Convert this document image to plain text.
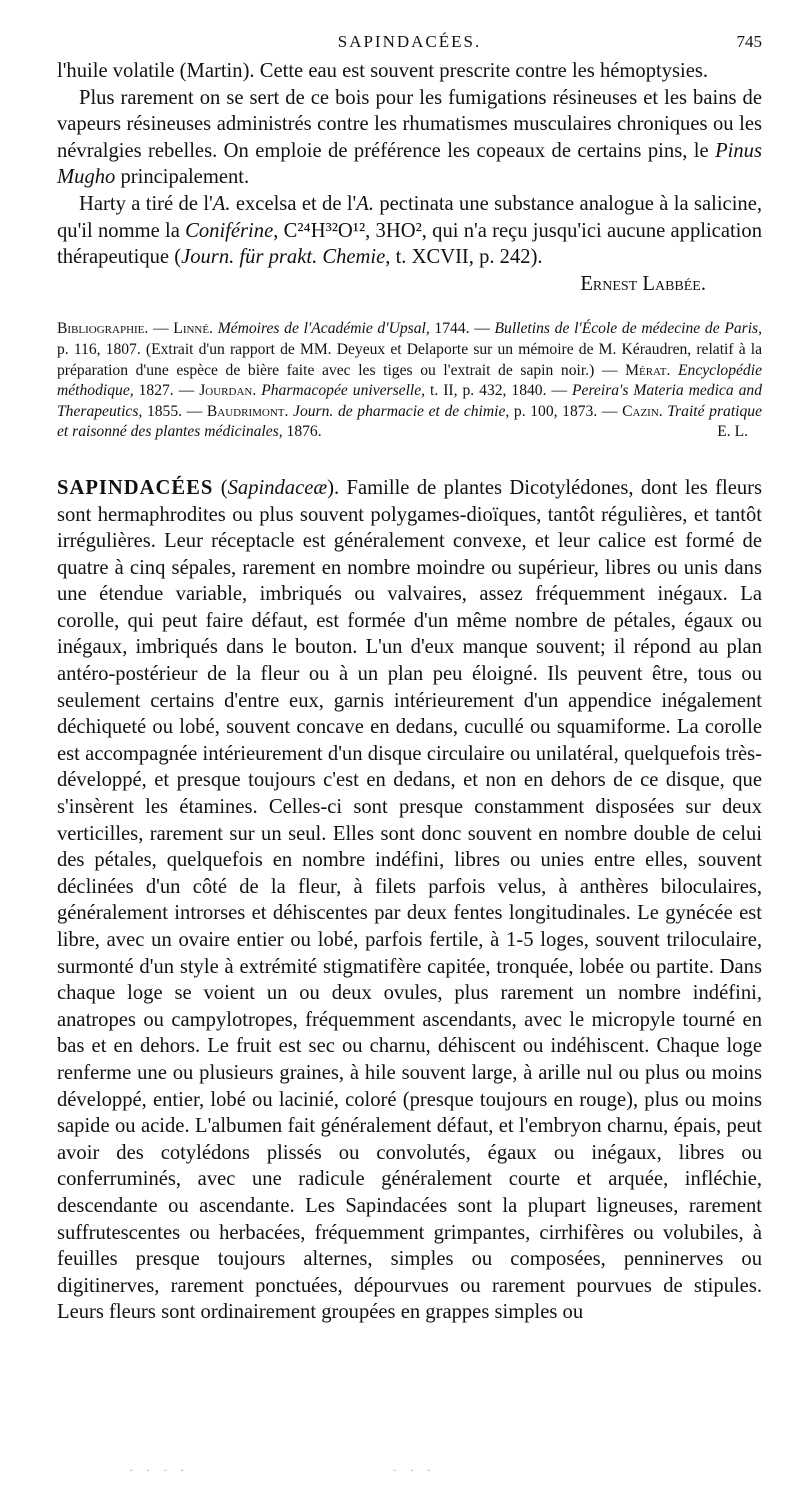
SAPINDACÉES.	745

l'huile volatile (Martin). Cette eau est souvent prescrite contre les hémoptysies.

Plus rarement on se sert de ce bois pour les fumigations résineuses et les bains de vapeurs résineuses administrés contre les rhumatismes musculaires chroniques ou les névralgies rebelles. On emploie de préférence les copeaux de certains pins, le Pinus Mugho principalement.

Harty a tiré de l'A. excelsa et de l'A. pectinata une substance analogue à la salicine, qu'il nomme la Coniférine, C²⁴H³²O¹², 3HO², qui n'a reçu jusqu'ici aucune application thérapeutique (Journ. für prakt. Chemie, t. XCVII, p. 242).

Ernest Labbée.

Bibliographie. — Linné. Mémoires de l'Académie d'Upsal, 1744. — Bulletins de l'École de médecine de Paris, p. 116, 1807. (Extrait d'un rapport de MM. Deyeux et Delaporte sur un mémoire de M. Kéraudren, relatif à la préparation d'une espèce de bière faite avec les tiges ou l'extrait de sapin noir.) — Mérat. Encyclopédie méthodique, 1827. — Jourdan. Pharmacopée universelle, t. II, p. 432, 1840. — Pereira's Materia medica and Therapeutics, 1855. — Baudrimont. Journ. de pharmacie et de chimie, p. 100, 1873. — Cazin. Traité pratique et raisonné des plantes médicinales, 1876.	E. L.

SAPINDACÉES (Sapindaceæ). Famille de plantes Dicotylédones, dont les fleurs sont hermaphrodites ou plus souvent polygames-dioïques, tantôt régulières, et tantôt irrégulières. Leur réceptacle est généralement convexe, et leur calice est formé de quatre à cinq sépales, rarement en nombre moindre ou supérieur, libres ou unis dans une étendue variable, imbriqués ou valvaires, assez fréquemment inégaux. La corolle, qui peut faire défaut, est formée d'un même nombre de pétales, égaux ou inégaux, imbriqués dans le bouton. L'un d'eux manque souvent; il répond au plan antéro-postérieur de la fleur ou à un plan peu éloigné. Ils peuvent être, tous ou seulement certains d'entre eux, garnis intérieurement d'un appendice inégalement déchiqueté ou lobé, souvent concave en dedans, cucullé ou squamiforme. La corolle est accompagnée intérieurement d'un disque circulaire ou unilatéral, quelquefois très-développé, et presque toujours c'est en dedans, et non en dehors de ce disque, que s'insèrent les étamines. Celles-ci sont presque constamment disposées sur deux verticilles, rarement sur un seul. Elles sont donc souvent en nombre double de celui des pétales, quelquefois en nombre indéfini, libres ou unies entre elles, souvent déclinées d'un côté de la fleur, à filets parfois velus, à anthères biloculaires, généralement introrses et déhiscentes par deux fentes longitudinales. Le gynécée est libre, avec un ovaire entier ou lobé, parfois fertile, à 1-5 loges, souvent triloculaire, surmonté d'un style à extrémité stigmatifère capitée, tronquée, lobée ou partite. Dans chaque loge se voient un ou deux ovules, plus rarement un nombre indéfini, anatropes ou campylotropes, fréquemment ascendants, avec le micropyle tourné en bas et en dehors. Le fruit est sec ou charnu, déhiscent ou indéhiscent. Chaque loge renferme une ou plusieurs graines, à hile souvent large, à arille nul ou plus ou moins développé, entier, lobé ou lacinié, coloré (presque toujours en rouge), plus ou moins sapide ou acide. L'albumen fait généralement défaut, et l'embryon charnu, épais, peut avoir des cotylédons plissés ou convolutés, égaux ou inégaux, libres ou conferruminés, avec une radicule généralement courte et arquée, infléchie, descendante ou ascendante. Les Sapindacées sont la plupart ligneuses, rarement suffrutescentes ou herbacées, fréquemment grimpantes, cirrhifères ou volubiles, à feuilles presque toujours alternes, simples ou composées, penninerves ou digitinerves, rarement ponctuées, dépourvues ou rarement pourvues de stipules. Leurs fleurs sont ordinairement groupées en grappes simples ou

. . . .                        . . .
